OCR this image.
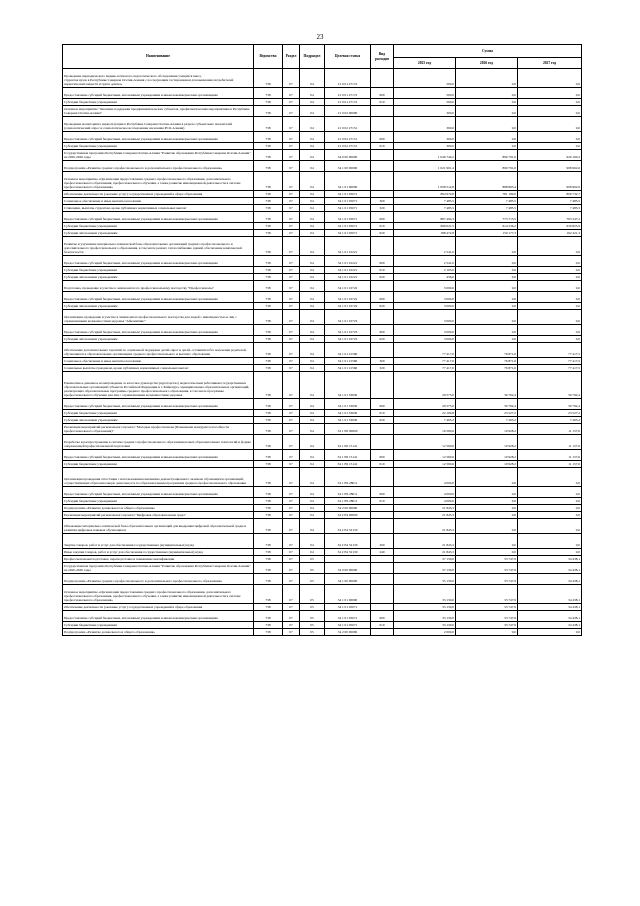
23
Наименование	Ведомство	Раздел	Подраздел	Целевая статья	Вид расходов	Сумма		
						2025 год	2026 год	2027 год
Проведение периодического медико-психолого-педагогического обследования учащихся школ,
студенток вузов в Республике Северная Осетия-Алания с последующим тестированием для выявления потребителей наркотических веществ и групп «риска»	738	07	04	21 0 01 27172		500,0	0,0	0,0
Предоставление субсидий бюджетным, автономным учреждениям и иным некоммерческим организациям	738	07	04	21 0 01 27172	600	500,0	0,0	0,0
Субсидии бюджетным учреждениям	738	07	04	21 0 01 27172	610	500,0	0,0	0,0
Основное мероприятие "Оказание поддержки предпринимательских субъектов, профилактическим мероприятиям в Республике Северная Осетия-Алания"	738	07	04	21 0 02 00000		300,0	0,0	0,0
Проведение мониторинга наркоситуации в Республике Северная Осетия-Алания в разрезе субъектовых показателей (социологический опрос и социологическое исследование населения РСО-Алания)	738	07	04	21 0 02 27151		300,0	0,0	0,0
Предоставление субсидий бюджетным, автономным учреждениям и иным некоммерческим организациям	738	07	04	21 0 02 27151	600	300,0	0,0	0,0
Субсидии бюджетным учреждениям	738	07	04	21 0 02 27151	610	300,0	0,0	0,0
Государственная программа Республики Северная Осетия-Алания "Развитие образования Республики Северная Осетия-Алания" на 2020-2026 годы	738	07	04	34 0 00 00000		1 046 744,2	899 791,6	920 160,2
Подпрограмма «Развитие среднего профессионального и дополнительного профессионального образования»	738	07	04	34 1 00 00000		1 021 901,4	899 791,6	908 962,6
Основное мероприятие «Организация предоставления среднего профессионального образования, дополнительного профессионального образования, профессионального обучения, а также развитие инновационной деятельности в системе профессионального образования»	738	07	04	34 1 01 00000		1 008 512,8	888 863,4	908 962,6
Обеспечение деятельности (оказание услуг) государственных учреждений в сфере образования	738	07	04	34 1 01 05071		894 979,8	781 199,0	800 732,7
Социальное обеспечение и иные выплаты населению	738	07	04	34 1 01 05071	300	7 485,5	7 485,5	7 485,5
Стипендии, выплаты студентам, кроме публичных нормативных социальных выплат	738	07	04	34 1 01 05071	320	7 485,5	7 485,5	7 485,5
Предоставление субсидий бюджетным, автономным учреждениям и иным некоммерческим организациям	738	07	04	34 1 01 05071	600	887 494,3	773 713,5	793 247,2
Субсидии бюджетным учреждениям	738	07	04	34 1 01 05071	610	699 021,5	614 536,2	630 825,9
Субсидии автономным учреждениям	738	07	04	34 1 01 05071	620	188 472,8	159 177,3	162 421,3
Развитие и улучшение материально-технической базы образовательных организаций среднего профессионального и дополнительного профессионального образования, в том числе ремонт, теплоснабжение зданий, обеспечение комплексной безопасности	738	07	04	34 1 01 10221		2 541,0	0,0	0,0
Предоставление субсидий бюджетным, автономным учреждениям и иным некоммерческим организациям	738	07	04	34 1 01 10221	600	2 541,0	0,0	0,0
Субсидии бюджетным учреждениям	738	07	04	34 1 01 10221	610	2 105,0	0,0	0,0
Субсидии автономным учреждениям	738	07	04	34 1 01 10221	620	436,0	0,0	0,0
Подготовка, проведение и участие в чемпионатах по профессиональному мастерству "Профессионалы"	738	07	04	34 1 01 10722		3 000,0	0,0	0,0
Предоставление субсидий бюджетным, автономным учреждениям и иным некоммерческим организациям	738	07	04	34 1 01 10722	600	3 000,0	0,0	0,0
Субсидии автономным учреждениям	738	07	04	34 1 01 10722	620	3 000,0	0,0	0,0
Организация, проведение и участие в чемпионатах профессионального мастерства для людей с инвалидностью и лиц с ограниченными возможностями здоровья "Абилимпикс"	738	07	04	34 1 01 10723		3 000,0	0,0	0,0
Предоставление субсидий бюджетным, автономным учреждениям и иным некоммерческим организациям	738	07	04	34 1 01 10723	600	3 000,0	0,0	0,0
Субсидии автономным учреждениям	738	07	04	34 1 01 10723	620	3 000,0	0,0	0,0
Обеспечение дополнительных гарантий по социальной поддержке детей-сирот и детей, оставшихся без попечения родителей, обучающихся в образовательных организациях среднего профессионального и высшего образования	738	07	04	34 1 01 21560		77 417,0	76 871,6	77 417,5
Социальное обеспечение и иные выплаты населению	738	07	04	34 1 01 21560	300	77 417,0	76 871,6	77 417,5
Социальные выплаты гражданам, кроме публичных нормативных социальных выплат	738	07	04	34 1 01 21560	320	77 417,0	76 871,6	77 417,5
Ежемесячное денежное вознаграждение за классное руководство (кураторство) педагогическим работникам государственных образовательных организаций субъектов Российской Федерации и г. Байконура, муниципальных образовательных организаций, реализующих образовательные программы среднего профессионального образования, в том числе программы профессионального обучения для лиц с ограниченными возможностями здоровья	738	07	04	34 1 01 53630		29 575,0	30 792,4	30 792,4
Предоставление субсидий бюджетным, автономным учреждениям и иным некоммерческим организациям	738	07	04	34 1 01 53630	600	29 575,0	30 792,4	30 792,4
Субсидии бюджетным учреждениям	738	07	04	34 1 01 53630	610	22 109,8	23 527,2	23 527,2
Субсидии автономным учреждениям	738	07	04	34 1 01 53630	620	7 465,2	7 265,2	7 265,2
Реализация мероприятий регионального проекта "Молодые профессионалы (Повышение конкурентоспособности профессионального образования)"	738	07	04	34 1 E6 00000		16 590,6	10 928,2	11 157,6
Разработка и распространение в системе среднего профессионального образования новых образовательных технологий и формы опережающей профессиональной подготовки	738	07	04	34 1 E6 15141		12 590,6	10 928,2	11 157,6
Предоставление субсидий бюджетным, автономным учреждениям и иным некоммерческим организациям	738	07	04	34 1 E6 15141	600	12 590,6	10 928,2	11 157,6
Субсидии бюджетным учреждениям	738	07	04	34 1 E6 15141	610	12 590,6	10 928,2	11 157,6
Организация проведения аттестации с использованием механизма демонстрационного экзамена обучающихся организаций, осуществляющих образовательную деятельность по образовательным программам среднего профессионального образования	738	07	04	34 1 E6 28011		4 000,0	0,0	0,0
Предоставление субсидий бюджетным, автономным учреждениям и иным некоммерческим организациям	738	07	04	34 1 E6 28011	600	4 000,0	0,0	0,0
Субсидии бюджетным учреждениям	738	07	04	34 1 E6 28011	610	4 000,0	0,0	0,0
Подпрограмма «Развитие дошкольного и общего образования»	738	07	04	34 2 00 00000		21 843,3	0,0	0,0
Реализация мероприятий регионального проекта "Цифровая образовательная среда"	738	07	04	34 2 E4 00000		21 843,3	0,0	0,0
Обновление материально-технической базы образовательных организаций для внедрения цифровой образовательной среды и развития цифровых навыков обучающихся	738	07	04	34 2 E4 52130		21 843,3	0,0	0,0
Закупка товаров, работ и услуг для обеспечения государственных (муниципальных) нужд	738	07	04	34 2 E4 52130	200	21 843,3	0,0	0,0
Иные закупки товаров, работ и услуг для обеспечения государственных (муниципальных) нужд	738	07	04	34 2 E4 52130	240	21 843,3	0,0	0,0
Профессиональная подготовка, переподготовка и повышение квалификации	738	07	05			37 130,0	33 747,9	34 438,1
Государственная программа Республики Северная Осетия-Алания "Развитие образования Республики Северная Осетия-Алания" на 2020-2026 годы	738	07	05	34 0 00 00000		37 130,0	33 747,9	34 438,1
Подпрограмма «Развитие среднего профессионального и дополнительного профессионального образования»	738	07	05	34 1 00 00000		35 130,0	33 747,9	34 438,1
Основное мероприятие «Организация предоставления среднего профессионального образования, дополнительного профессионального образования, профессионального обучения, а также развитие инновационной деятельности в системе профессионального образования»	738	07	05	34 1 01 00000		33 130,0	33 747,9	34 438,1
Обеспечение деятельности (оказание услуг) государственных учреждений в сфере образования	738	07	05	34 1 01 05071		33 130,0	33 747,9	34 438,1
Предоставление субсидий бюджетным, автономным учреждениям и иным некоммерческим организациям	738	07	05	34 1 01 05071	600	33 130,0	33 747,9	34 438,1
Субсидии бюджетным учреждениям	738	07	05	34 1 01 05071	610	33 130,0	33 747,9	34 438,1
Подпрограмма «Развитие дошкольного и общего образования»	738	07	05	34 2 00 00000		2 000,0	0,0	0,0
